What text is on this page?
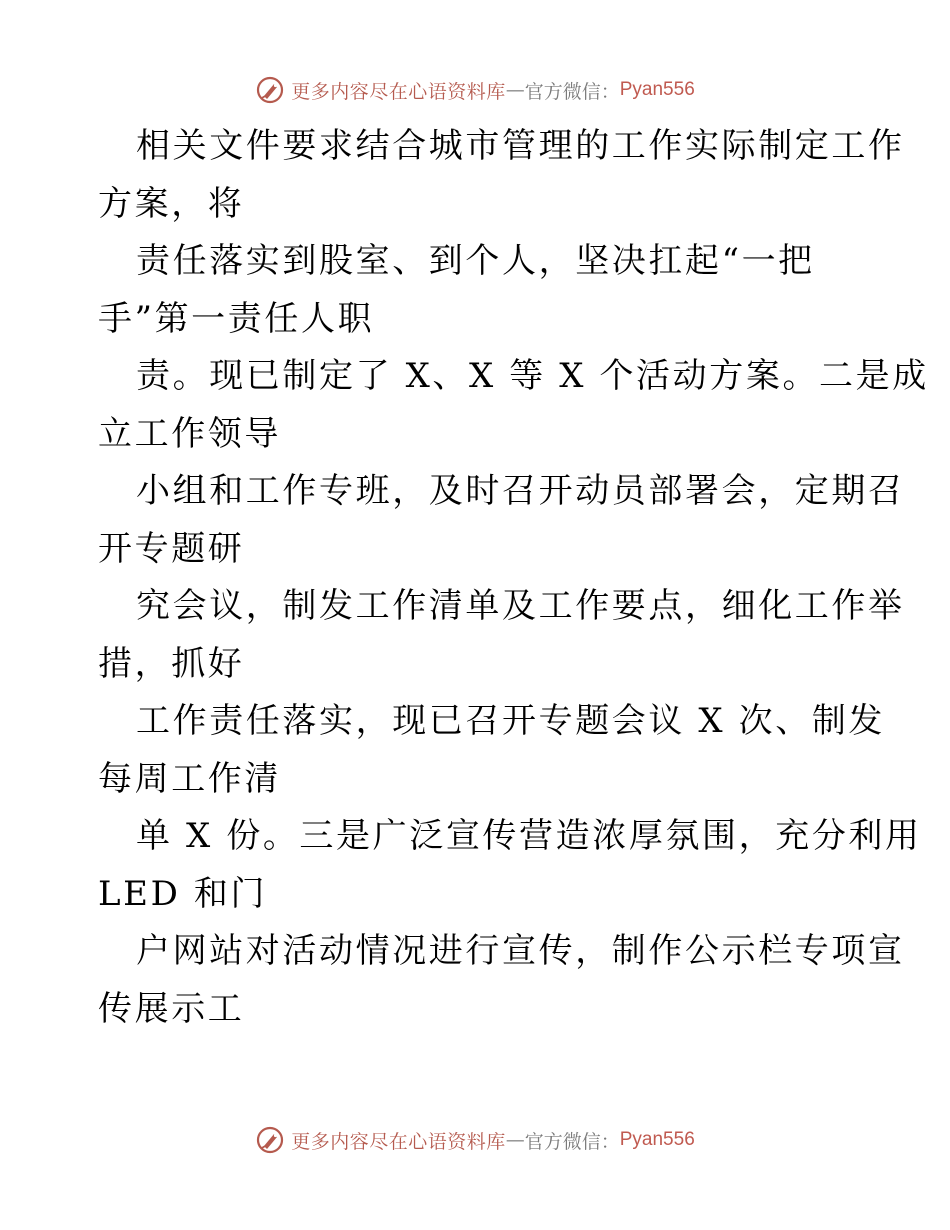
更多内容尽在心语资料库 — 官方微信： Pyan556
相关文件要求结合城市管理的工作实际制定工作
方案，将
责任落实到股室、到个人，坚决扛起“一把
手”第一责任人职
责。现已制定了 X、X 等 X 个活动方案。二是成
立工作领导
小组和工作专班，及时召开动员部署会，定期召
开专题研
究会议，制发工作清单及工作要点，细化工作举
措，抓好
工作责任落实，现已召开专题会议 X 次、制发
每周工作清
单 X 份。三是广泛宣传营造浓厚氛围，充分利用
LED 和门
户网站对活动情况进行宣传，制作公示栏专项宣
传展示工
更多内容尽在心语资料库 — 官方微信： Pyan556
